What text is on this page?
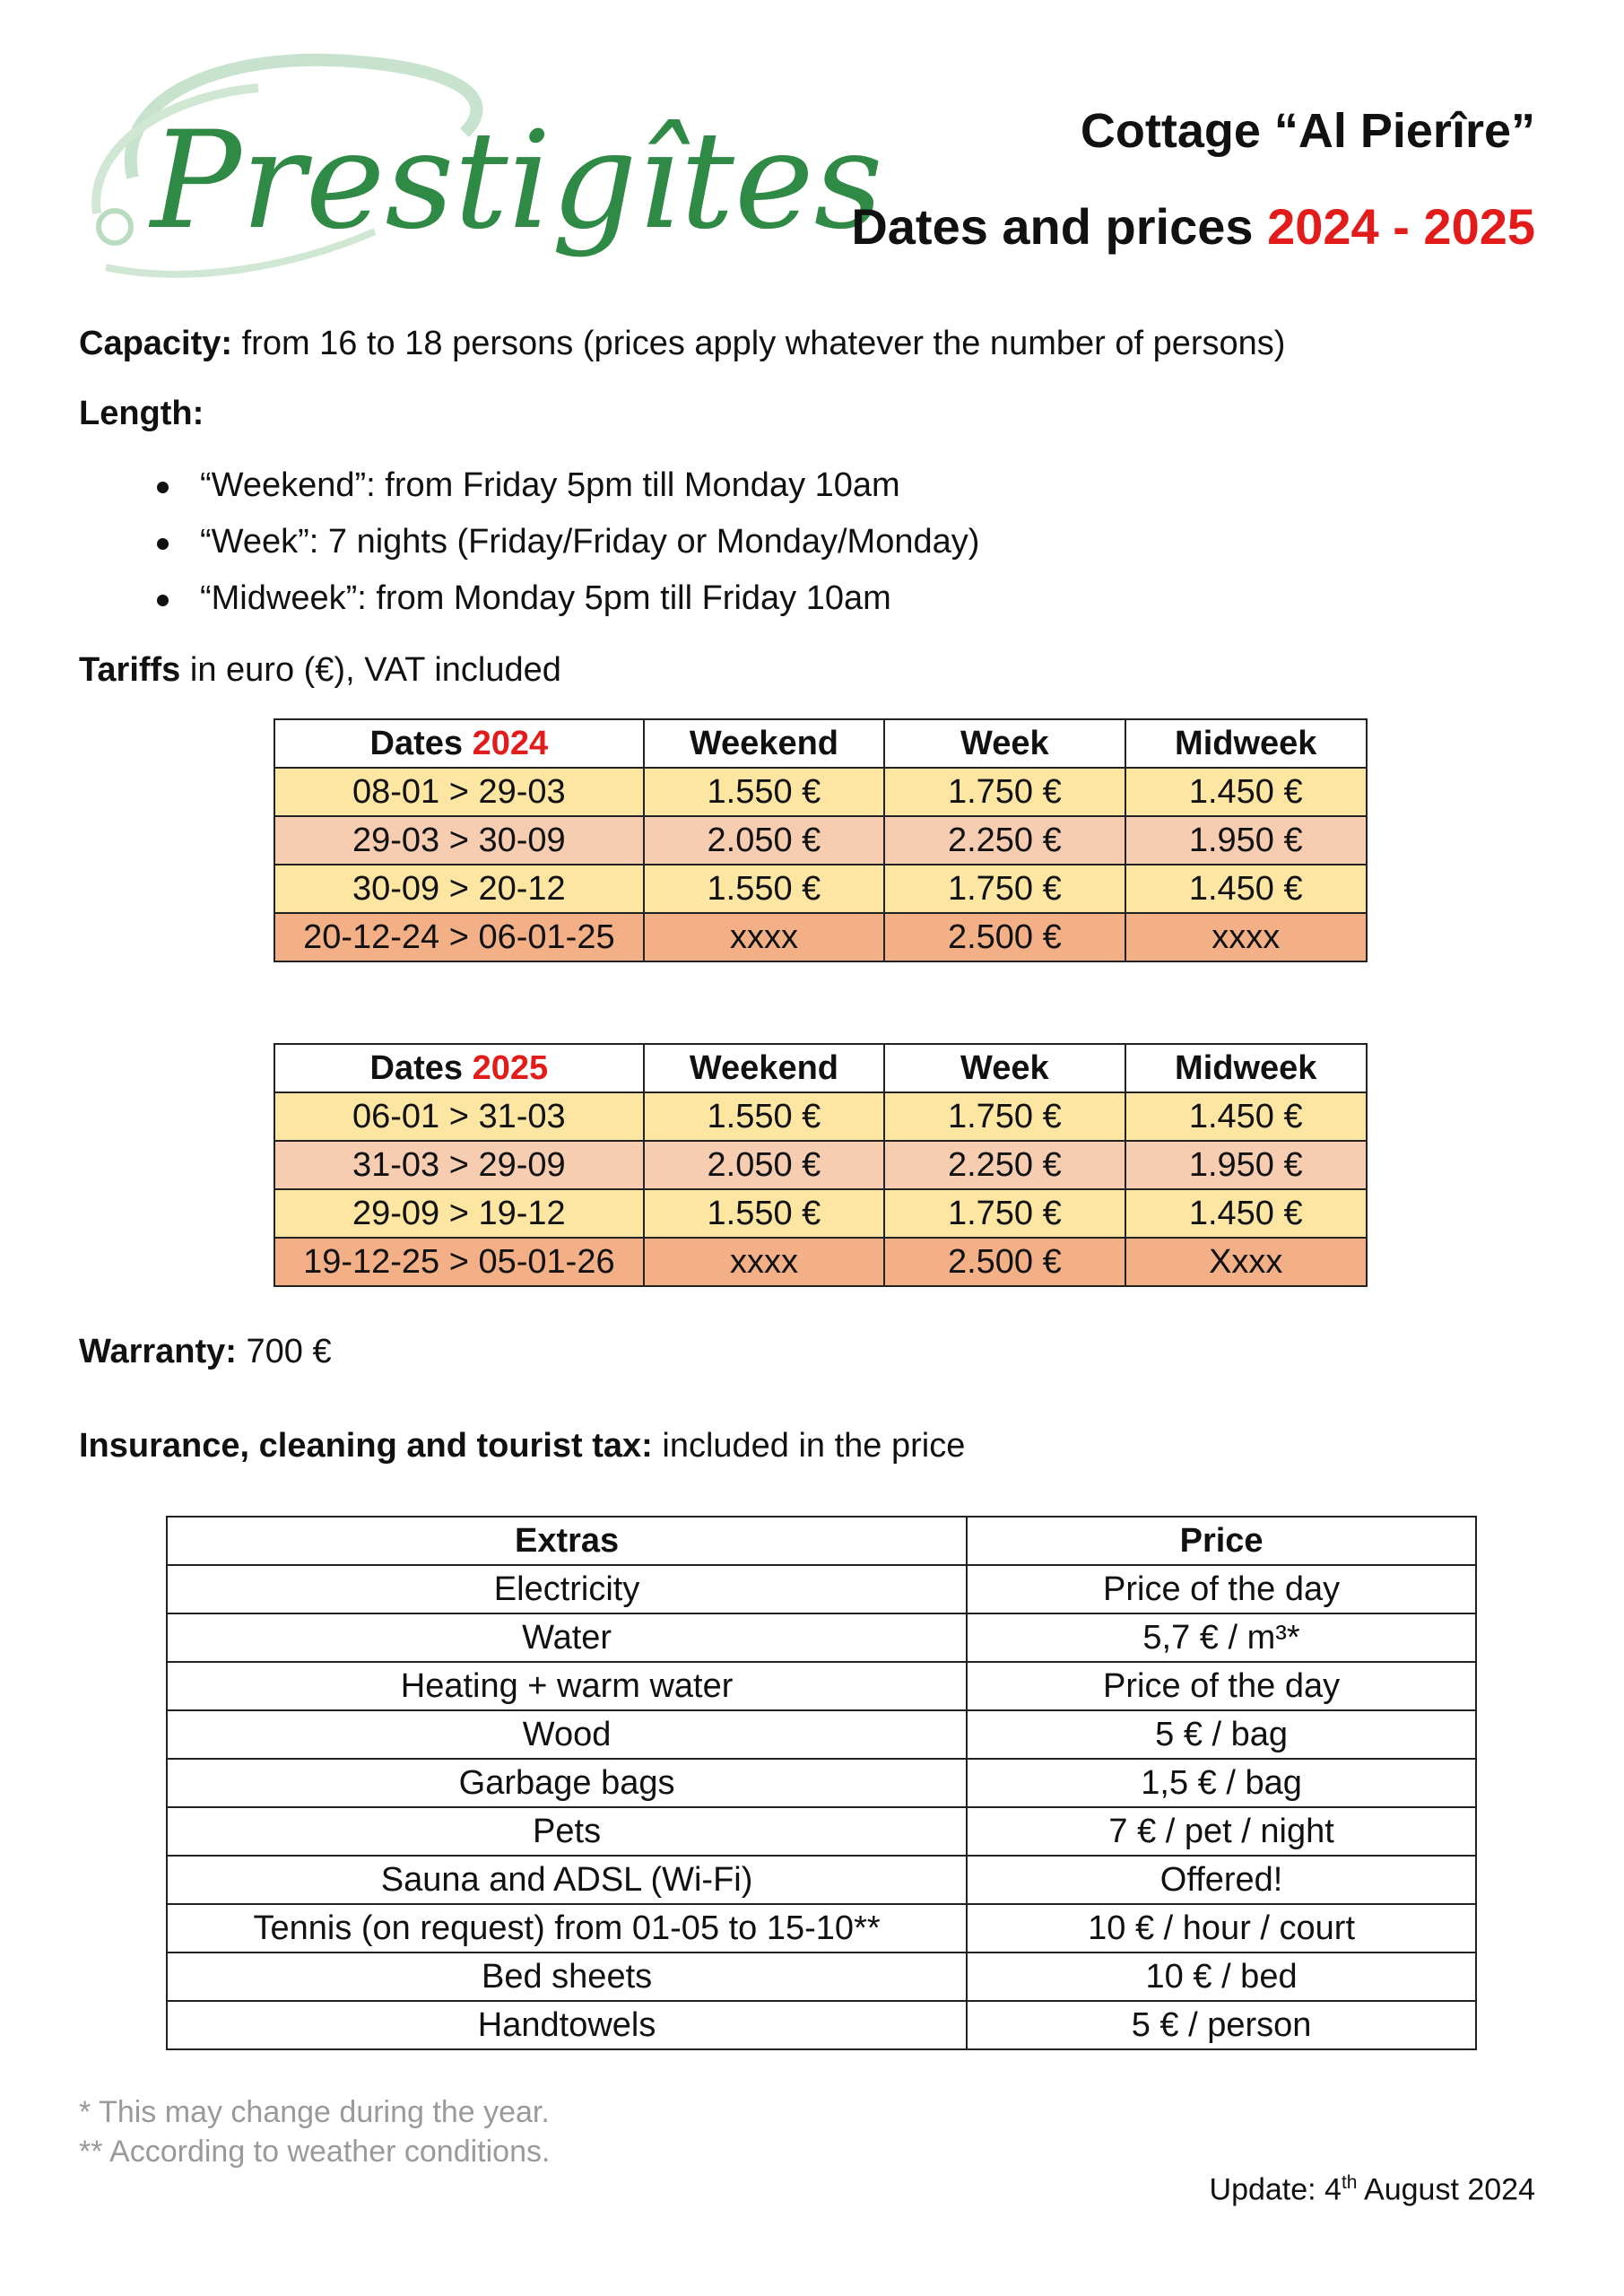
Prestigîtes	Cottage “Al Pierîre”
Dates and prices 2024 - 2025
Capacity: from 16 to 18 persons (prices apply whatever the number of persons)
Length:
“Weekend”: from Friday 5pm till Monday 10am
“Week”: 7 nights (Friday/Friday or Monday/Monday)
“Midweek”: from Monday 5pm till Friday 10am
Tariffs in euro (€), VAT included
Dates 2024	Weekend	Week	Midweek
08-01 > 29-03	1.550 €	1.750 €	1.450 €
29-03 > 30-09	2.050 €	2.250 €	1.950 €
30-09 > 20-12	1.550 €	1.750 €	1.450 €
20-12-24 > 06-01-25	xxxx	2.500 €	xxxx
Dates 2025	Weekend	Week	Midweek
06-01 > 31-03	1.550 €	1.750 €	1.450 €
31-03 > 29-09	2.050 €	2.250 €	1.950 €
29-09 > 19-12	1.550 €	1.750 €	1.450 €
19-12-25 > 05-01-26	xxxx	2.500 €	Xxxx
Warranty: 700 €
Insurance, cleaning and tourist tax: included in the price
Extras	Price
Electricity	Price of the day
Water	5,7 € / m³*
Heating + warm water	Price of the day
Wood	5 € / bag
Garbage bags	1,5 € / bag
Pets	7 € / pet / night
Sauna and ADSL (Wi-Fi)	Offered!
Tennis (on request) from 01-05 to 15-10**	10 € / hour / court
Bed sheets	10 € / bed
Handtowels	5 € / person
* This may change during the year.
** According to weather conditions.
Update: 4th August 2024
